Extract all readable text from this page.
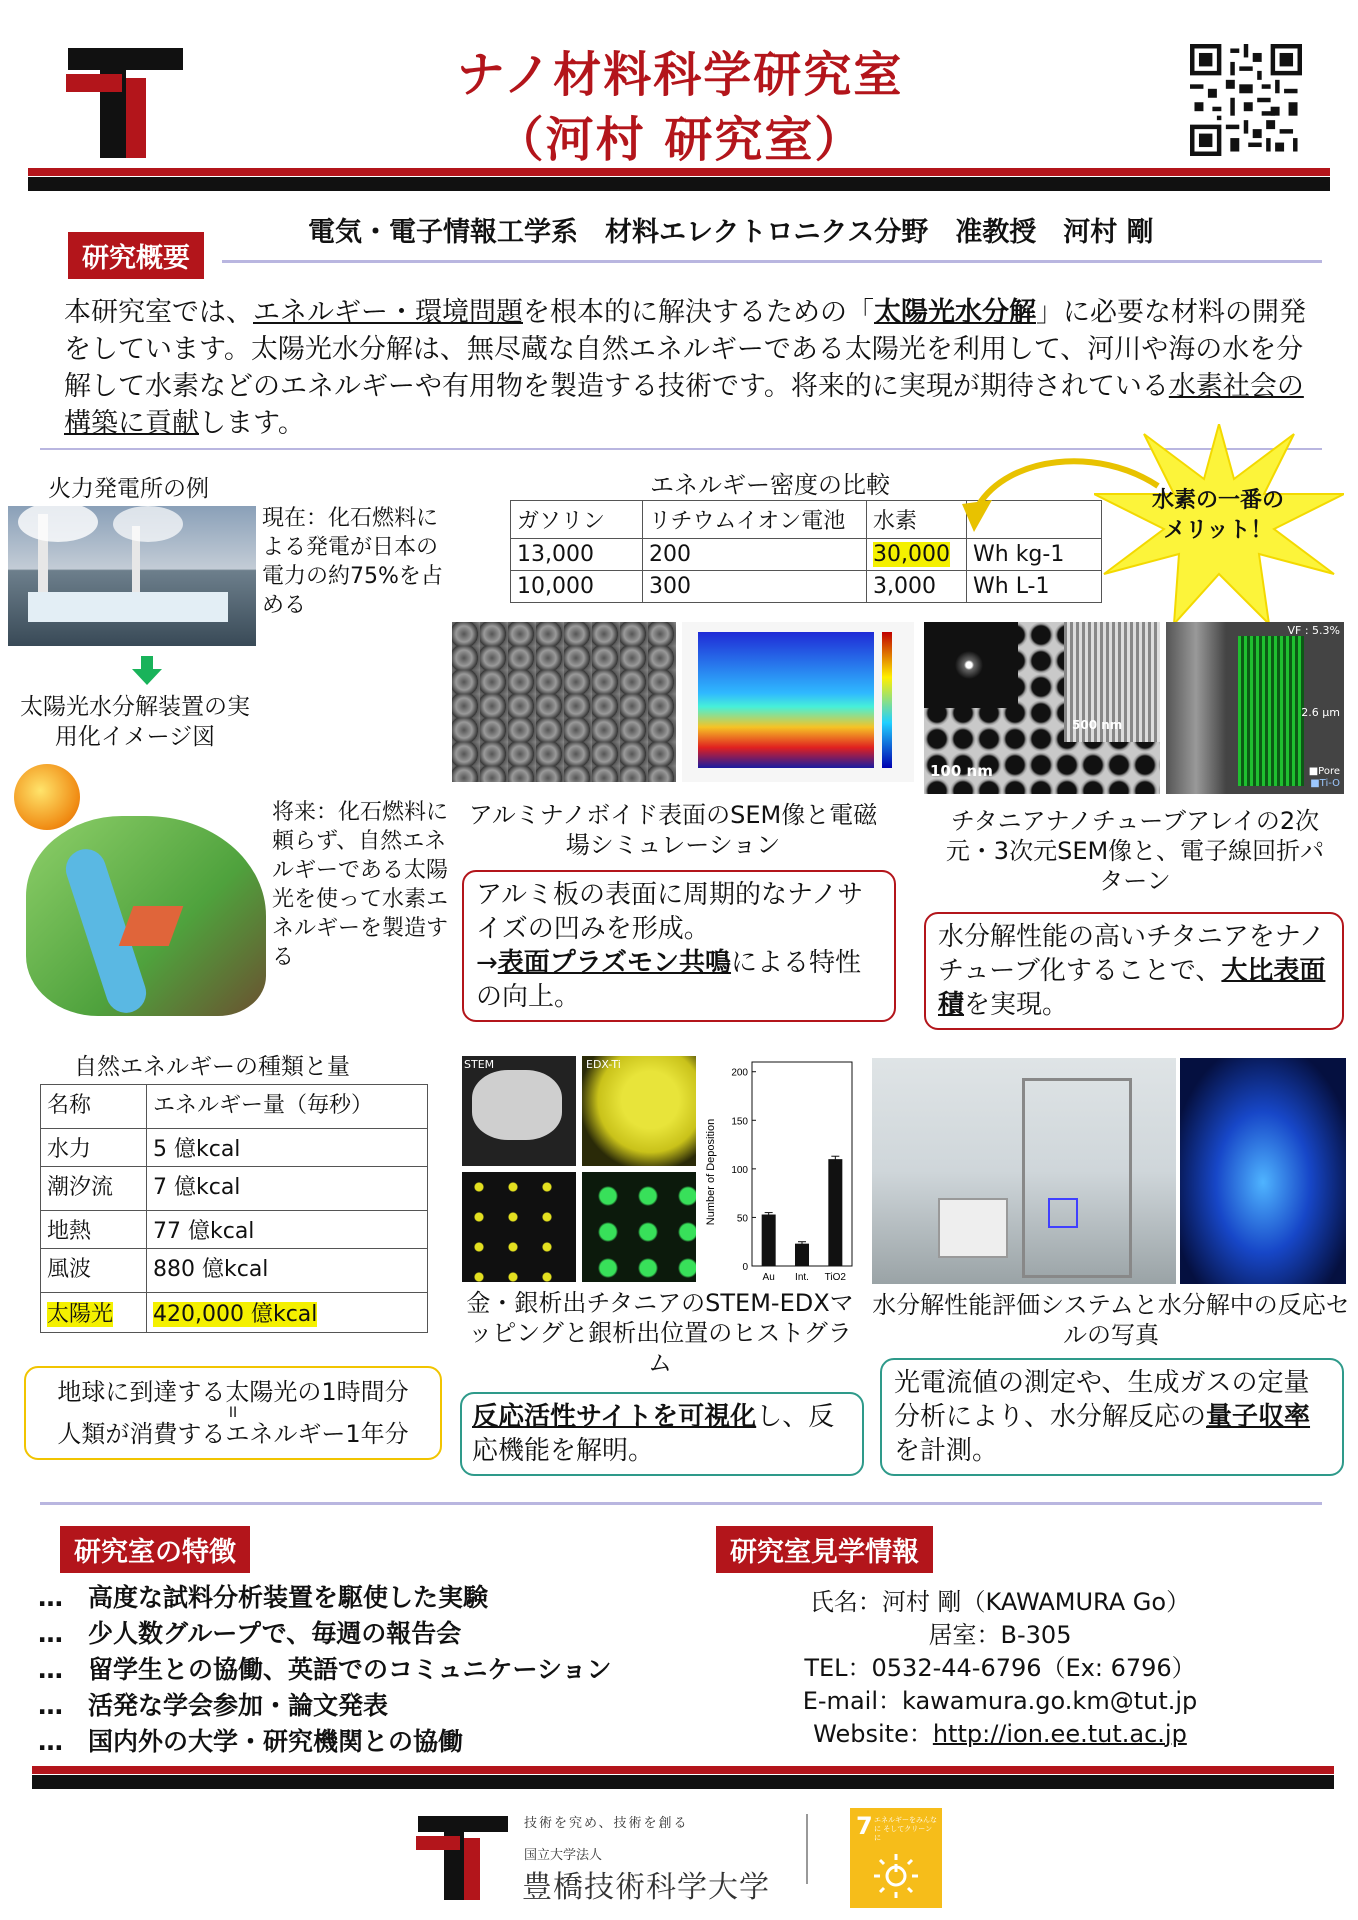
ナノ材料科学研究室
（河村 研究室）
電気・電子情報工学系　材料エレクトロニクス分野　准教授　河村 剛
研究概要
本研究室では、エネルギー・環境問題を根本的に解決するための「太陽光水分解」に必要な材料の開発をしています。太陽光水分解は、無尽蔵な自然エネルギーである太陽光を利用して、河川や海の水を分解して水素などのエネルギーや有用物を製造する技術です。将来的に実現が期待されている水素社会の構築に貢献します。
火力発電所の例
現在：化石燃料による発電が日本の電力の約75%を占める
太陽光水分解装置の実用化イメージ図
将来：化石燃料に頼らず、自然エネルギーである太陽光を使って水素エネルギーを製造する
エネルギー密度の比較
ガソリン	リチウムイオン電池	水素	
13,000	200	30,000	Wh kg-1
10,000	300	3,000	Wh L-1
水素の一番のメリット！
アルミナノボイド表面のSEM像と電磁場シミュレーション
アルミ板の表面に周期的なナノサイズの凹みを形成。
→表面プラズモン共鳴による特性の向上。
100 nm
500 nm
VF : 5.3%
2.6 μm
■Pore
■Ti-O
チタニアナノチューブアレイの2次元・3次元SEM像と、電子線回折パターン
水分解性能の高いチタニアをナノチューブ化することで、大比表面積を実現。
自然エネルギーの種類と量
名称	エネルギー量（毎秒）
水力	5 億kcal
潮汐流	7 億kcal
地熱	77 億kcal
風波	880 億kcal
太陽光	420,000 億kcal
地球に到達する太陽光の1時間分
II
人類が消費するエネルギー1年分
STEM	EDX-Ti
Number of Deposition
0
50
100
150
200
Au Int. TiO2
金・銀析出チタニアのSTEM-EDXマッピングと銀析出位置のヒストグラム
反応活性サイトを可視化し、反応機能を解明。
水分解性能評価システムと水分解中の反応セルの写真
光電流値の測定や、生成ガスの定量分析により、水分解反応の量子収率を計測。
研究室の特徴
…　高度な試料分析装置を駆使した実験
…　少人数グループで、毎週の報告会
…　留学生との協働、英語でのコミュニケーション
…　活発な学会参加・論文発表
…　国内外の大学・研究機関との協働
研究室見学情報
氏名：河村 剛（KAWAMURA Go）
居室：B-305
TEL：0532-44-6796（Ex: 6796）
E-mail：kawamura.go.km@tut.jp
Website：http://ion.ee.tut.ac.jp
技術を究め、技術を創る
国立大学法人
豊橋技術科学大学
7 エネルギーをみんなに そしてクリーンに
